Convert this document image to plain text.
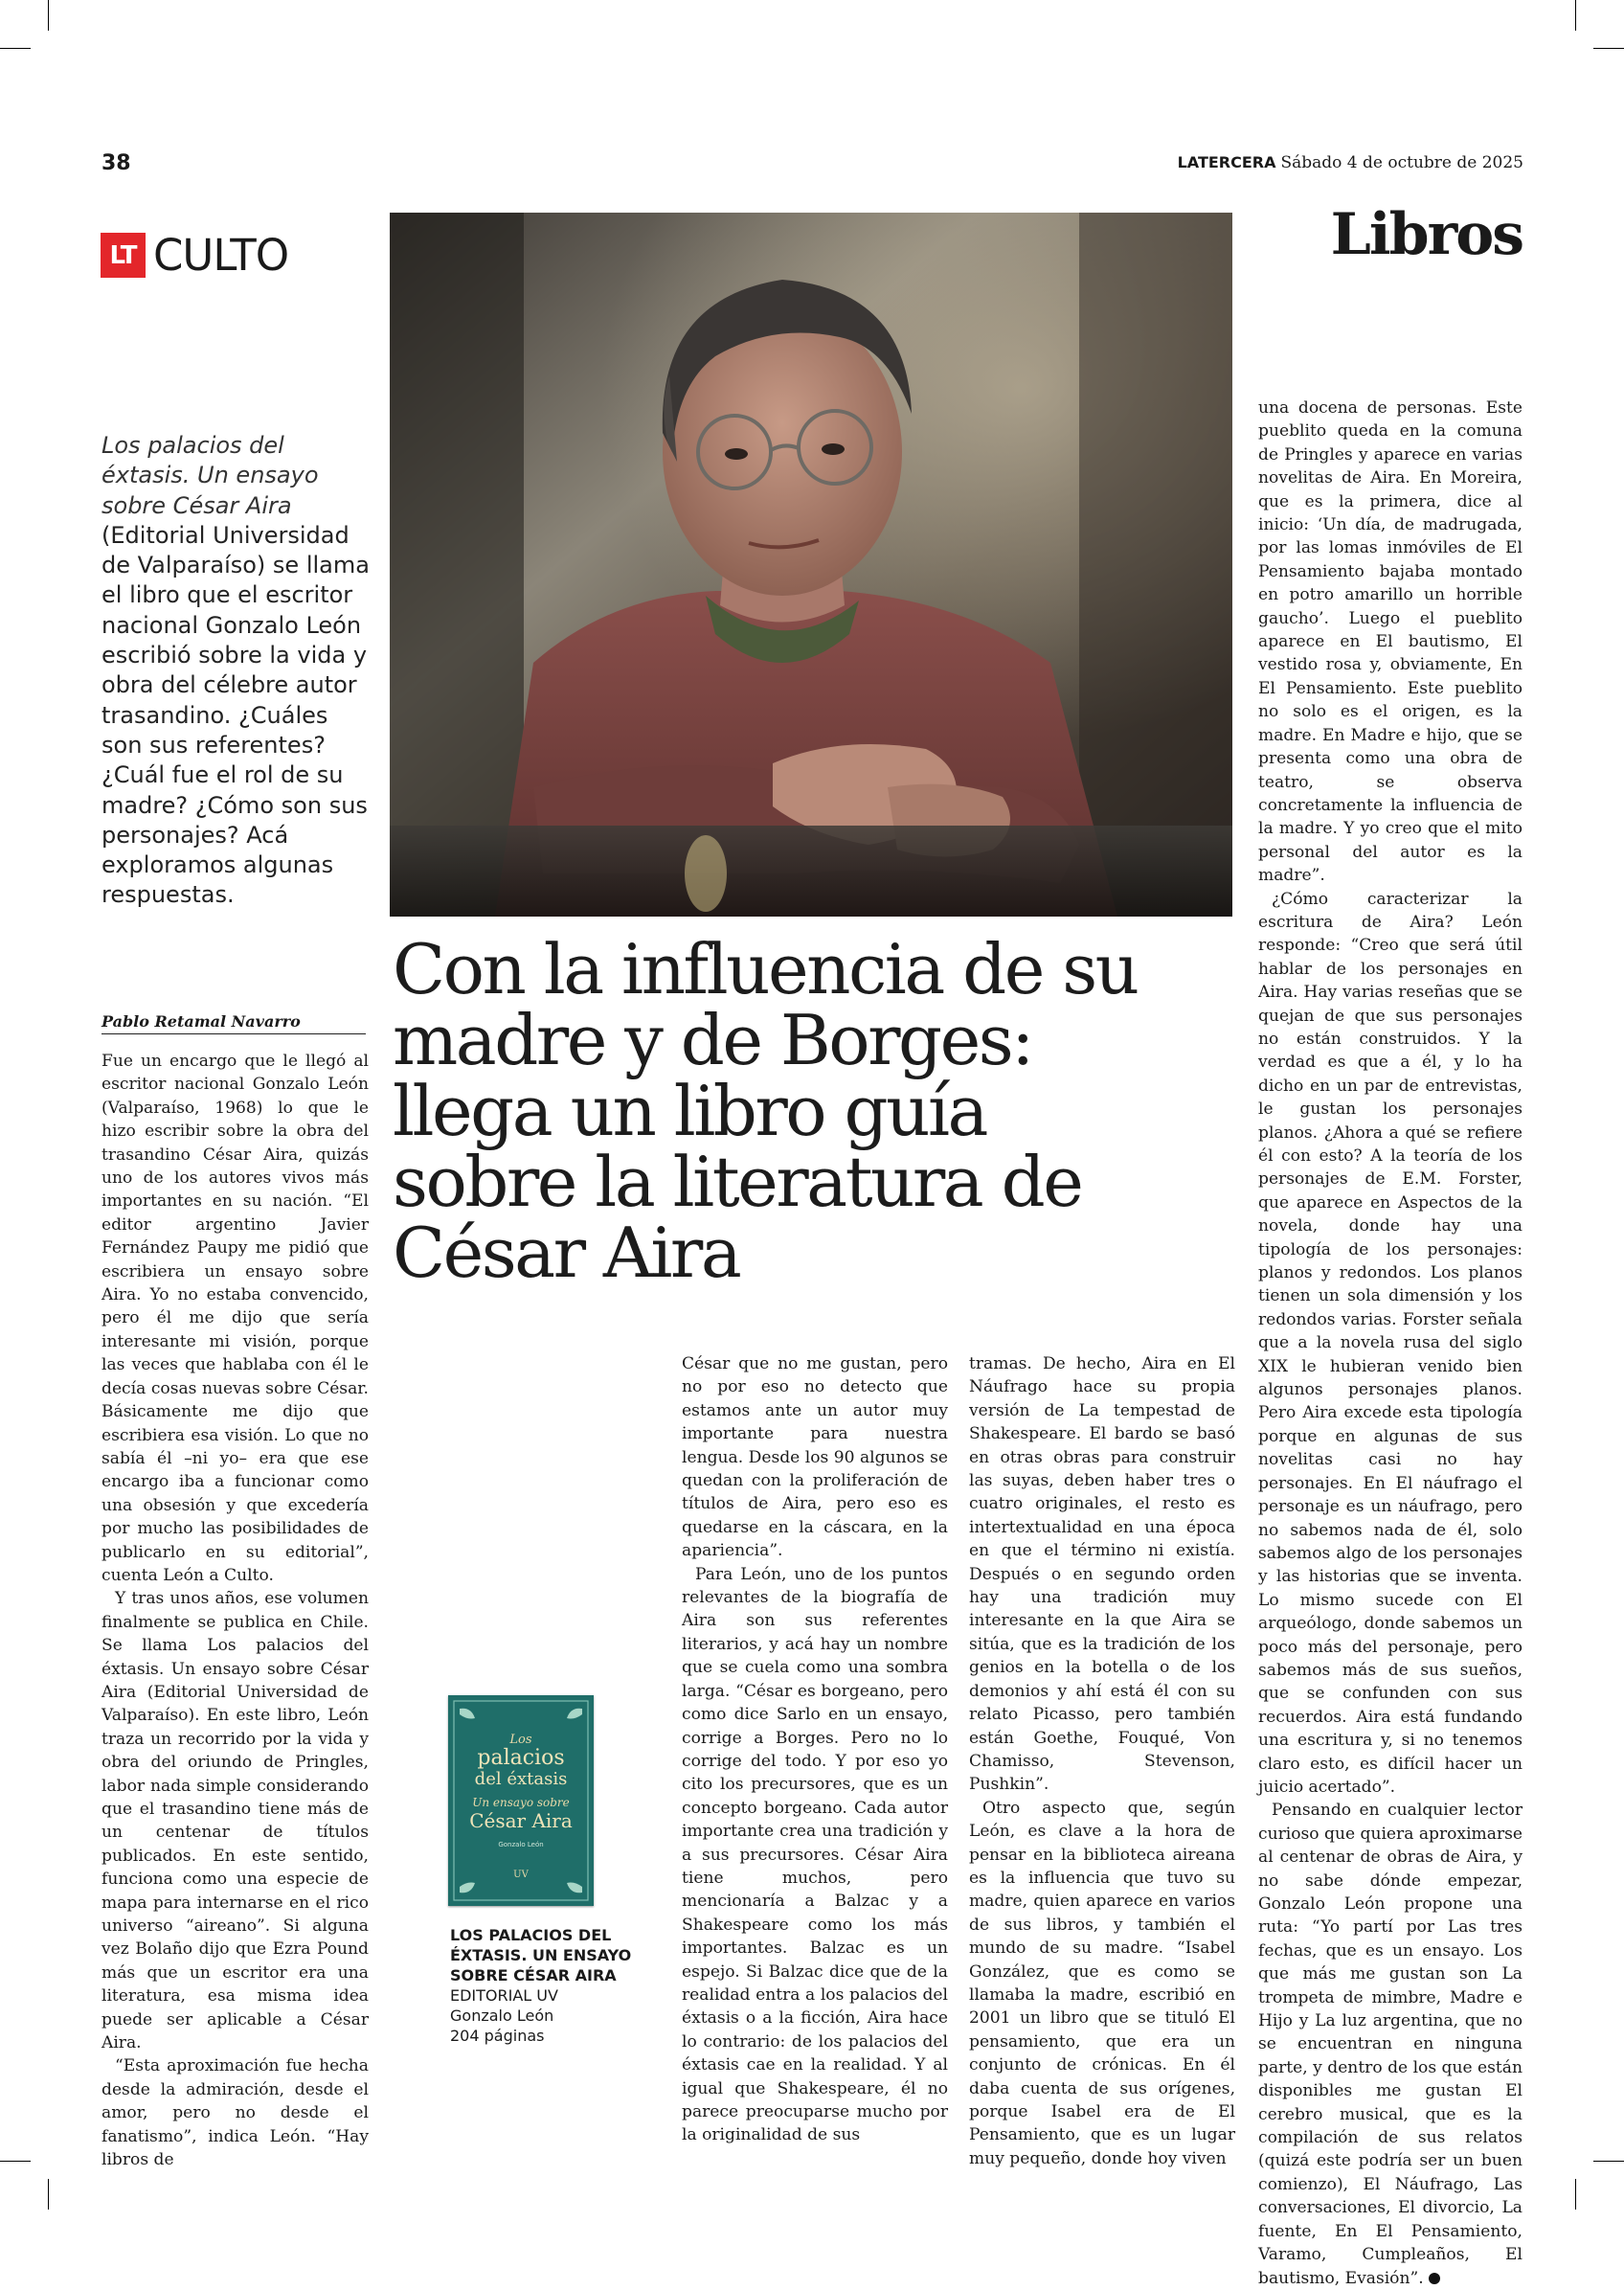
38	LATERCERA Sábado 4 de octubre de 2025
LT CULTO	Libros
Los palacios del éxtasis. Un ensayo sobre César Aira (Editorial Universidad de Valparaíso) se llama el libro que el escritor nacional Gonzalo León escribió sobre la vida y obra del célebre autor trasandino. ¿Cuáles son sus referentes? ¿Cuál fue el rol de su madre? ¿Cómo son sus personajes? Acá exploramos algunas respuestas.
Pablo Retamal Navarro
Con la influencia de su madre y de Borges: llega un libro guía sobre la literatura de César Aira

Fue un encargo que le llegó al escritor nacional Gonzalo León (Valparaíso, 1968) lo que le hizo escribir sobre la obra del trasandino César Aira, quizás uno de los autores vivos más importantes en su nación. “El editor argentino Javier Fernández Paupy me pidió que escribiera un ensayo sobre Aira. Yo no estaba convencido, pero él me dijo que sería interesante mi visión, porque las veces que hablaba con él le decía cosas nuevas sobre César. Básicamente me dijo que escribiera esa visión. Lo que no sabía él –ni yo– era que ese encargo iba a funcionar como una obsesión y que excedería por mucho las posibilidades de publicarlo en su editorial”, cuenta León a Culto.

Y tras unos años, ese volumen finalmente se publica en Chile. Se llama Los palacios del éxtasis. Un ensayo sobre César Aira (Editorial Universidad de Valparaíso). En este libro, León traza un recorrido por la vida y obra del oriundo de Pringles, labor nada simple considerando que el trasandino tiene más de un centenar de títulos publicados. En este sentido, funciona como una especie de mapa para internarse en el rico universo “aireano”. Si alguna vez Bolaño dijo que Ezra Pound más que un escritor era una literatura, esa misma idea puede ser aplicable a César Aira.

“Esta aproximación fue hecha desde la admiración, desde el amor, pero no desde el fanatismo”, indica León. “Hay libros de

Los
palacios
del éxtasis
Un ensayo sobre
César Aira
Gonzalo León
UV
LOS PALACIOS DEL ÉXTASIS. UN ENSAYO SOBRE CÉSAR AIRA
EDITORIAL UV
Gonzalo León
204 páginas

César que no me gustan, pero no por eso no detecto que estamos ante un autor muy importante para nuestra lengua. Desde los 90 algunos se quedan con la proliferación de títulos de Aira, pero eso es quedarse en la cáscara, en la apariencia”.

Para León, uno de los puntos relevantes de la biografía de Aira son sus referentes literarios, y acá hay un nombre que se cuela como una sombra larga. “César es borgeano, pero como dice Sarlo en un ensayo, corrige a Borges. Pero no lo corrige del todo. Y por eso yo cito los precursores, que es un concepto borgeano. Cada autor importante crea una tradición y a sus precursores. César Aira tiene muchos, pero mencionaría a Balzac y a Shakespeare como los más importantes. Balzac es un espejo. Si Balzac dice que de la realidad entra a los palacios del éxtasis o a la ficción, Aira hace lo contrario: de los palacios del éxtasis cae en la realidad. Y al igual que Shakespeare, él no parece preocuparse mucho por la originalidad de sus

tramas. De hecho, Aira en El Náufrago hace su propia versión de La tempestad de Shakespeare. El bardo se basó en otras obras para construir las suyas, deben haber tres o cuatro originales, el resto es intertextualidad en una época en que el término ni existía. Después o en segundo orden hay una tradición muy interesante en la que Aira se sitúa, que es la tradición de los genios en la botella o de los demonios y ahí está él con su relato Picasso, pero también están Goethe, Fouqué, Von Chamisso, Stevenson, Pushkin”.

Otro aspecto que, según León, es clave a la hora de pensar en la biblioteca aireana es la influencia que tuvo su madre, quien aparece en varios de sus libros, y también el mundo de su madre. “Isabel González, que es como se llamaba la madre, escribió en 2001 un libro que se tituló El pensamiento, que era un conjunto de crónicas. En él daba cuenta de sus orígenes, porque Isabel era de El Pensamiento, que es un lugar muy pequeño, donde hoy viven

una docena de personas. Este pueblito queda en la comuna de Pringles y aparece en varias novelitas de Aira. En Moreira, que es la primera, dice al inicio: ‘Un día, de madrugada, por las lomas inmóviles de El Pensamiento bajaba montado en potro amarillo un horrible gaucho’. Luego el pueblito aparece en El bautismo, El vestido rosa y, obviamente, En El Pensamiento. Este pueblito no solo es el origen, es la madre. En Madre e hijo, que se presenta como una obra de teatro, se observa concretamente la influencia de la madre. Y yo creo que el mito personal del autor es la madre”.

¿Cómo caracterizar la escritura de Aira? León responde: “Creo que será útil hablar de los personajes en Aira. Hay varias reseñas que se quejan de que sus personajes no están construidos. Y la verdad es que a él, y lo ha dicho en un par de entrevistas, le gustan los personajes planos. ¿Ahora a qué se refiere él con esto? A la teoría de los personajes de E.M. Forster, que aparece en Aspectos de la novela, donde hay una tipología de los personajes: planos y redondos. Los planos tienen un sola dimensión y los redondos varias. Forster señala que a la novela rusa del siglo XIX le hubieran venido bien algunos personajes planos. Pero Aira excede esta tipología porque en algunas de sus novelitas casi no hay personajes. En El náufrago el personaje es un náufrago, pero no sabemos nada de él, solo sabemos algo de los personajes y las historias que se inventa. Lo mismo sucede con El arqueólogo, donde sabemos un poco más del personaje, pero sabemos más de sus sueños, que se confunden con sus recuerdos. Aira está fundando una escritura y, si no tenemos claro esto, es difícil hacer un juicio acertado”.

Pensando en cualquier lector curioso que quiera aproximarse al centenar de obras de Aira, y no sabe dónde empezar, Gonzalo León propone una ruta: “Yo partí por Las tres fechas, que es un ensayo. Los que más me gustan son La trompeta de mimbre, Madre e Hijo y La luz argentina, que no se encuentran en ninguna parte, y dentro de los que están disponibles me gustan El cerebro musical, que es la compilación de sus relatos (quizá este podría ser un buen comienzo), El Náufrago, Las conversaciones, El divorcio, La fuente, En El Pensamiento, Varamo, Cumpleaños, El bautismo, Evasión”.
